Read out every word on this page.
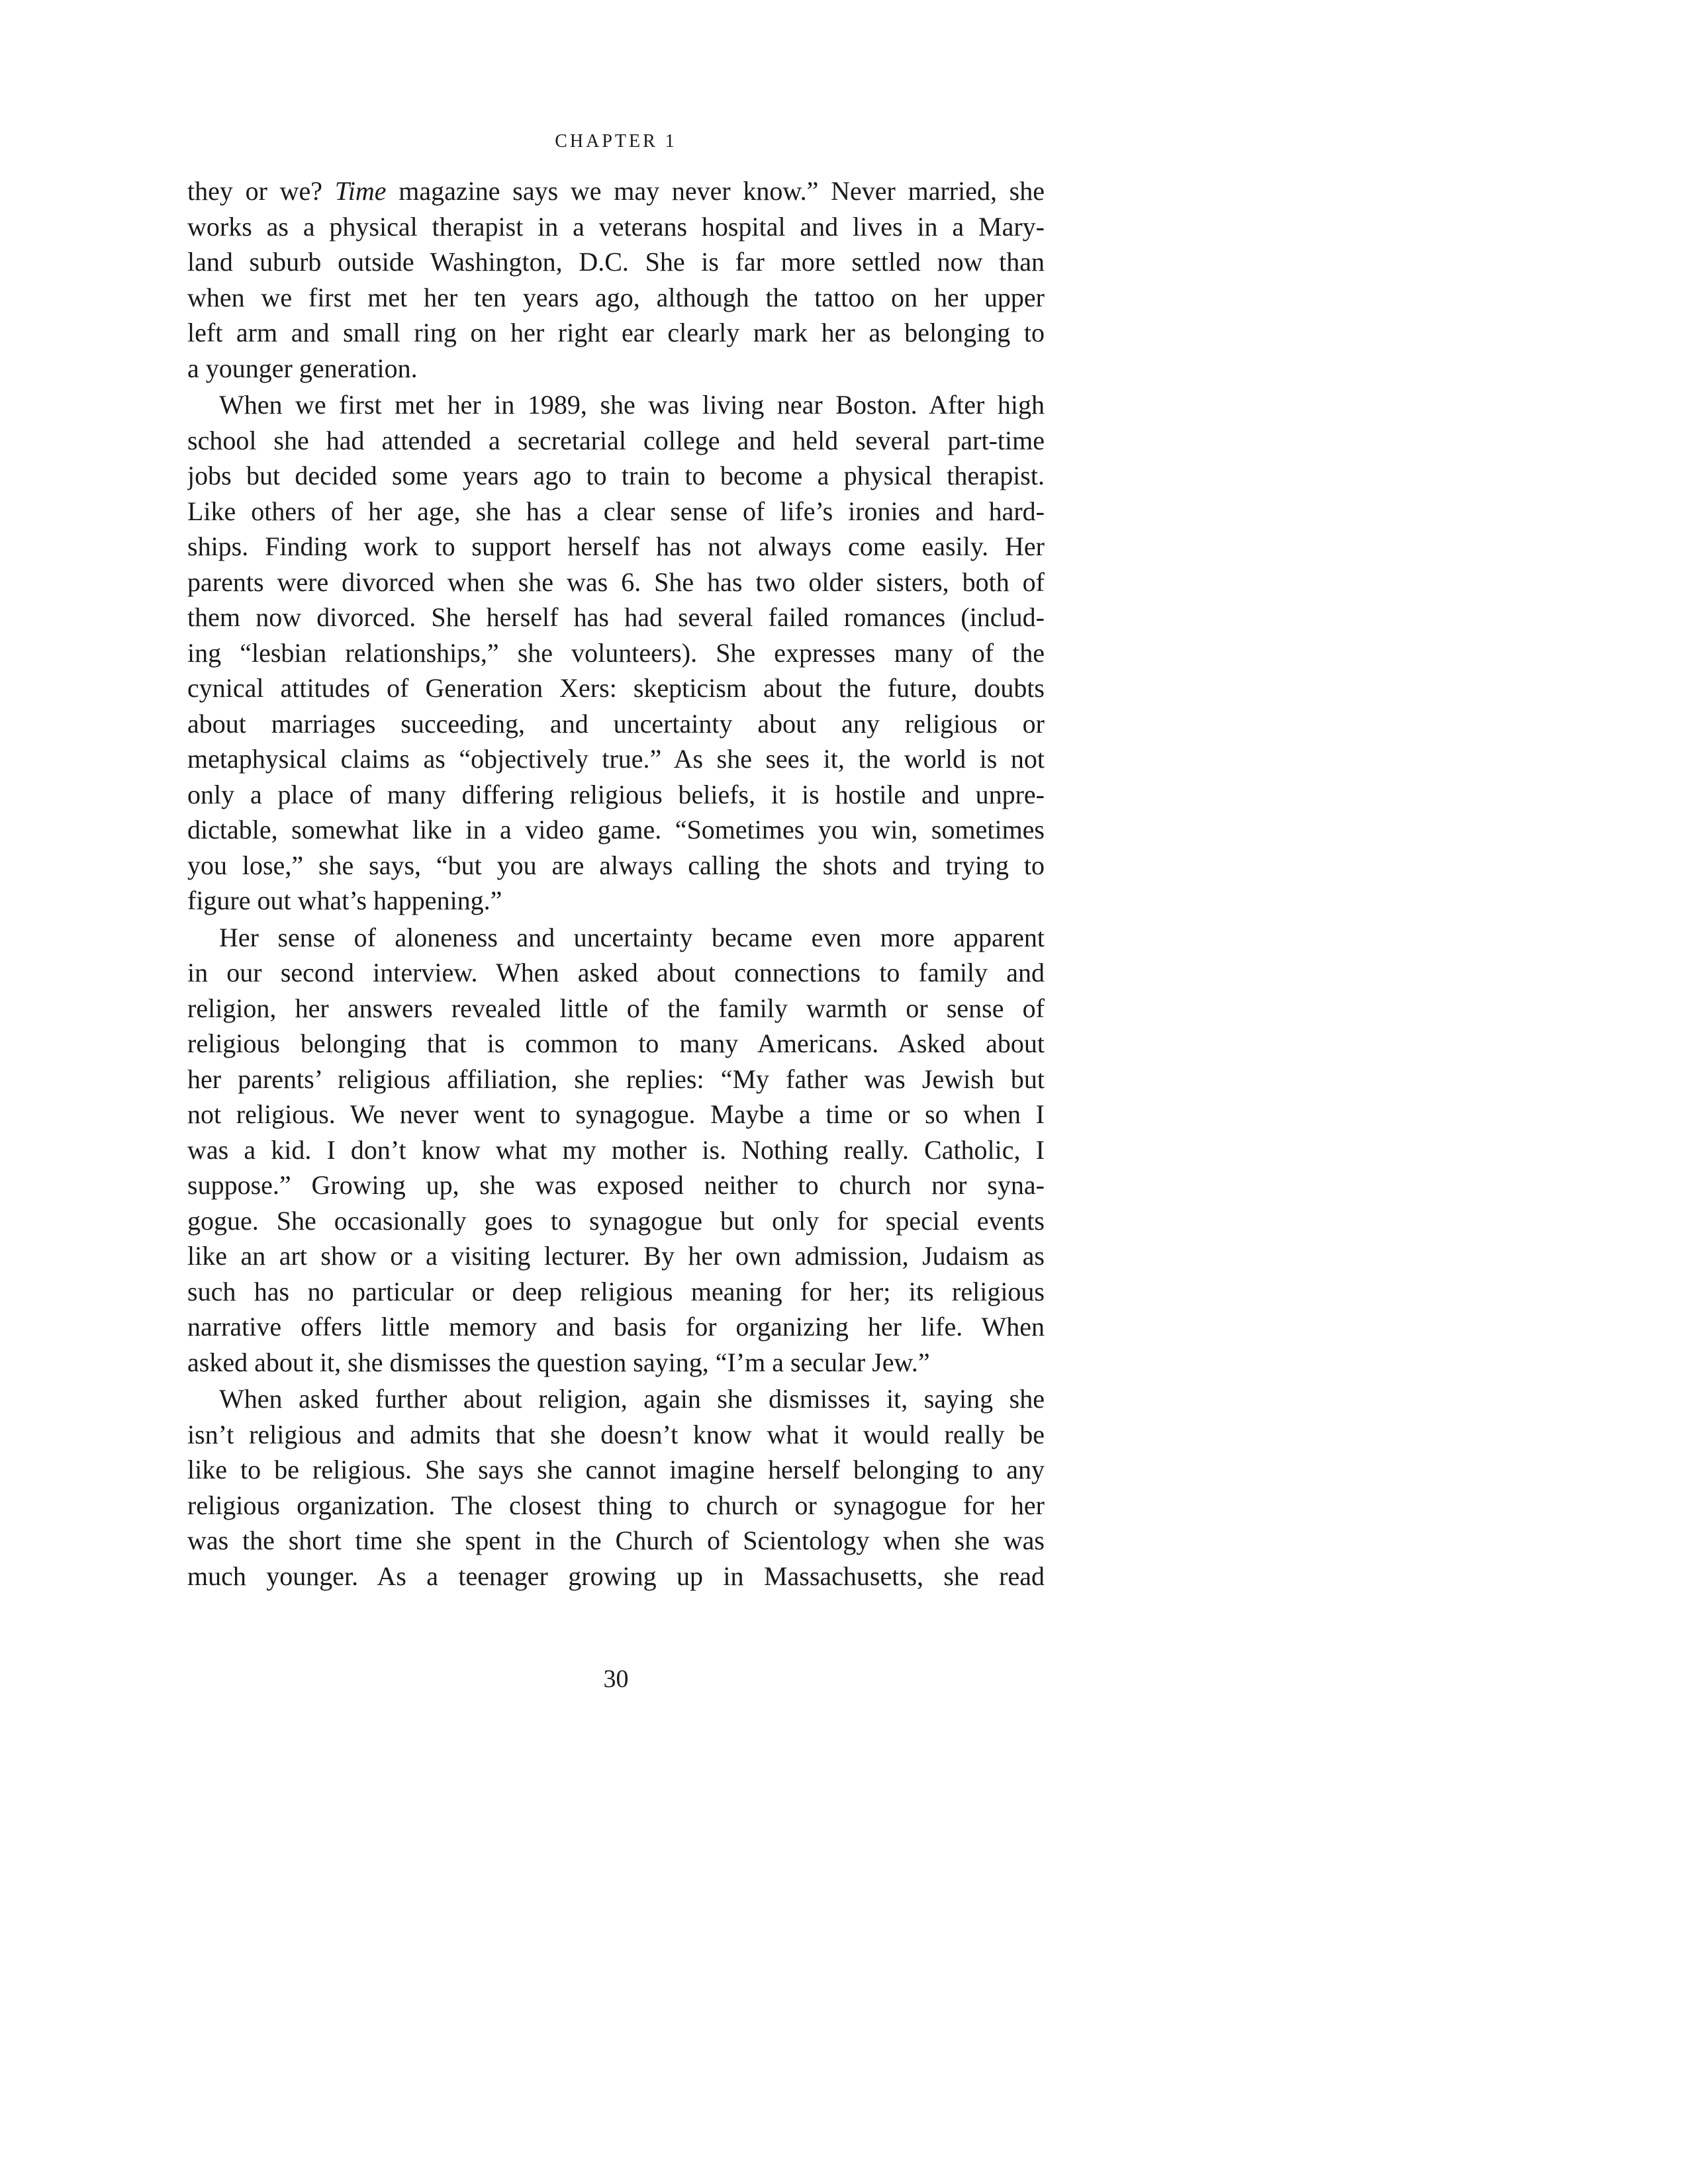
CHAPTER 1
they or we? Time magazine says we may never know.” Never married, she
works as a physical therapist in a veterans hospital and lives in a Mary-
land suburb outside Washington, D.C. She is far more settled now than
when we first met her ten years ago, although the tattoo on her upper
left arm and small ring on her right ear clearly mark her as belonging to
a younger generation.
When we first met her in 1989, she was living near Boston. After high
school she had attended a secretarial college and held several part-time
jobs but decided some years ago to train to become a physical therapist.
Like others of her age, she has a clear sense of life’s ironies and hard-
ships. Finding work to support herself has not always come easily. Her
parents were divorced when she was 6. She has two older sisters, both of
them now divorced. She herself has had several failed romances (includ-
ing “lesbian relationships,” she volunteers). She expresses many of the
cynical attitudes of Generation Xers: skepticism about the future, doubts
about marriages succeeding, and uncertainty about any religious or
metaphysical claims as “objectively true.” As she sees it, the world is not
only a place of many differing religious beliefs, it is hostile and unpre-
dictable, somewhat like in a video game. “Sometimes you win, sometimes
you lose,” she says, “but you are always calling the shots and trying to
figure out what’s happening.”
Her sense of aloneness and uncertainty became even more apparent
in our second interview. When asked about connections to family and
religion, her answers revealed little of the family warmth or sense of
religious belonging that is common to many Americans. Asked about
her parents’ religious affiliation, she replies: “My father was Jewish but
not religious. We never went to synagogue. Maybe a time or so when I
was a kid. I don’t know what my mother is. Nothing really. Catholic, I
suppose.” Growing up, she was exposed neither to church nor syna-
gogue. She occasionally goes to synagogue but only for special events
like an art show or a visiting lecturer. By her own admission, Judaism as
such has no particular or deep religious meaning for her; its religious
narrative offers little memory and basis for organizing her life. When
asked about it, she dismisses the question saying, “I’m a secular Jew.”
When asked further about religion, again she dismisses it, saying she
isn’t religious and admits that she doesn’t know what it would really be
like to be religious. She says she cannot imagine herself belonging to any
religious organization. The closest thing to church or synagogue for her
was the short time she spent in the Church of Scientology when she was
much younger. As a teenager growing up in Massachusetts, she read
30
